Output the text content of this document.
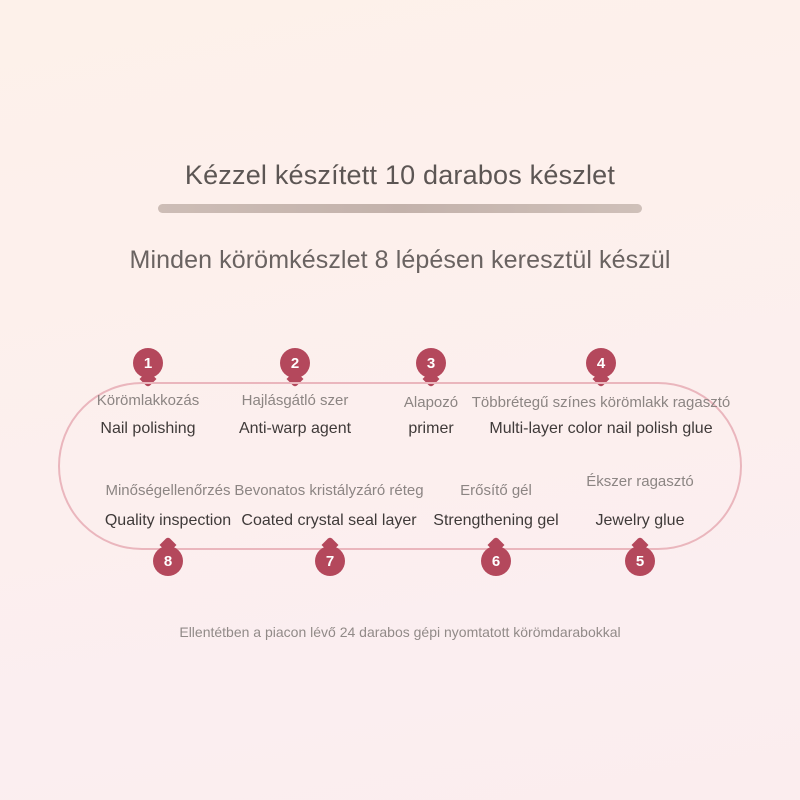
Kézzel készített 10 darabos készlet
Minden körömkészlet 8 lépésen keresztül készül
1
Körömlakkozás
Nail polishing
2
Hajlásgátló szer
Anti-warp agent
3
Alapozó
primer
4
Többrétegű színes körömlakk ragasztó
Multi-layer color nail polish glue
Minőségellenőrzés
Quality inspection
8
Bevonatos kristályzáró réteg
Coated crystal seal layer
7
Erősítő gél
Strengthening gel
6
Ékszer ragasztó
Jewelry glue
5
Ellentétben a piacon lévő 24 darabos gépi nyomtatott körömdarabokkal
